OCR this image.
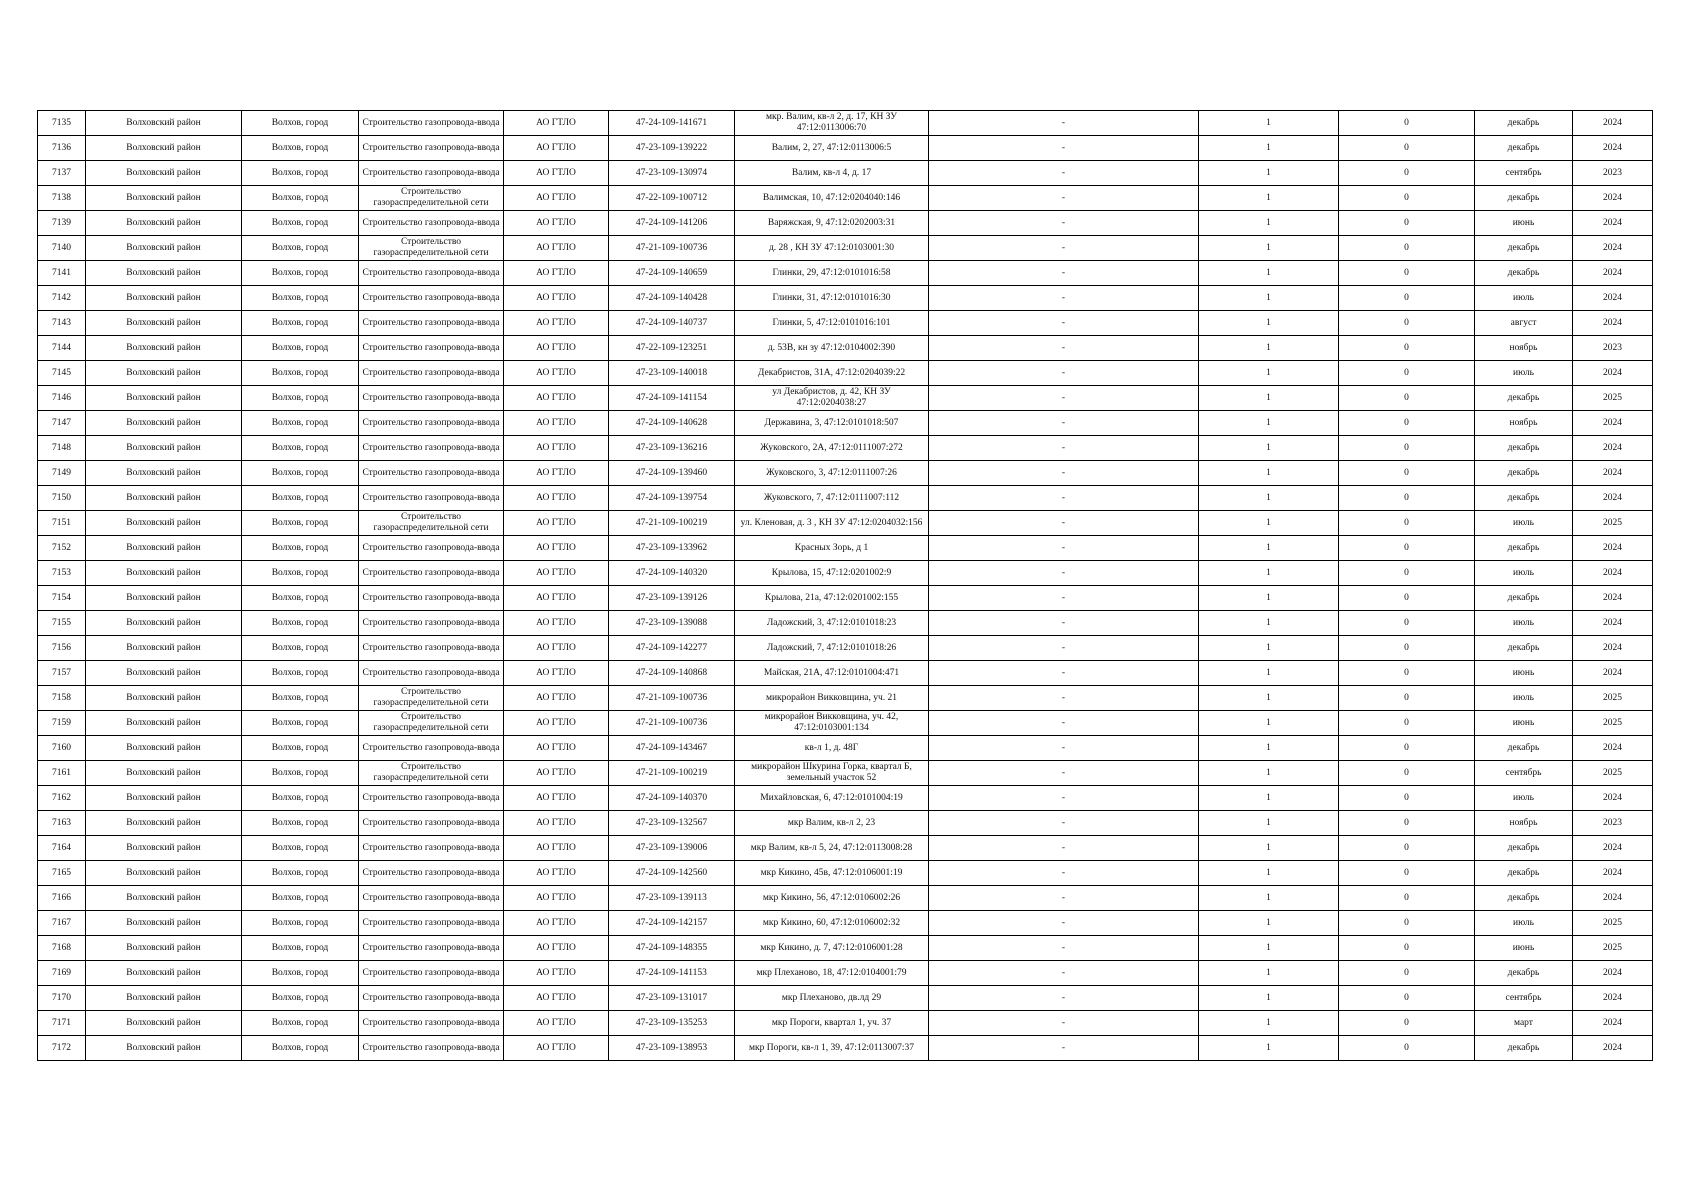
7135	Волховский район	Волхов, город	Строительство газопровода-ввода	АО ГТЛО	47-24-109-141671	мкр. Валим, кв-л 2, д. 17, КН ЗУ 47:12:0113006:70	-	1	0	декабрь	2024
7136	Волховский район	Волхов, город	Строительство газопровода-ввода	АО ГТЛО	47-23-109-139222	Валим, 2, 27, 47:12:0113006:5	-	1	0	декабрь	2024
7137	Волховский район	Волхов, город	Строительство газопровода-ввода	АО ГТЛО	47-23-109-130974	Валим, кв-л 4, д. 17	-	1	0	сентябрь	2023
7138	Волховский район	Волхов, город	Строительство газораспределительной сети	АО ГТЛО	47-22-109-100712	Валимская, 10, 47:12:0204040:146	-	1	0	декабрь	2024
7139	Волховский район	Волхов, город	Строительство газопровода-ввода	АО ГТЛО	47-24-109-141206	Варяжская, 9, 47:12:0202003:31	-	1	0	июнь	2024
7140	Волховский район	Волхов, город	Строительство газораспределительной сети	АО ГТЛО	47-21-109-100736	д. 28 , КН ЗУ 47:12:0103001:30	-	1	0	декабрь	2024
7141	Волховский район	Волхов, город	Строительство газопровода-ввода	АО ГТЛО	47-24-109-140659	Глинки, 29, 47:12:0101016:58	-	1	0	декабрь	2024
7142	Волховский район	Волхов, город	Строительство газопровода-ввода	АО ГТЛО	47-24-109-140428	Глинки, 31, 47:12:0101016:30	-	1	0	июль	2024
7143	Волховский район	Волхов, город	Строительство газопровода-ввода	АО ГТЛО	47-24-109-140737	Глинки, 5, 47:12:0101016:101	-	1	0	август	2024
7144	Волховский район	Волхов, город	Строительство газопровода-ввода	АО ГТЛО	47-22-109-123251	д. 53В, кн зу 47:12:0104002:390	-	1	0	ноябрь	2023
7145	Волховский район	Волхов, город	Строительство газопровода-ввода	АО ГТЛО	47-23-109-140018	Декабристов, 31А, 47:12:0204039:22	-	1	0	июль	2024
7146	Волховский район	Волхов, город	Строительство газопровода-ввода	АО ГТЛО	47-24-109-141154	ул Декабристов, д. 42, КН ЗУ 47:12:0204038:27	-	1	0	декабрь	2025
7147	Волховский район	Волхов, город	Строительство газопровода-ввода	АО ГТЛО	47-24-109-140628	Державина, 3, 47:12:0101018:507	-	1	0	ноябрь	2024
7148	Волховский район	Волхов, город	Строительство газопровода-ввода	АО ГТЛО	47-23-109-136216	Жуковского, 2А, 47:12:0111007:272	-	1	0	декабрь	2024
7149	Волховский район	Волхов, город	Строительство газопровода-ввода	АО ГТЛО	47-24-109-139460	Жуковского, 3, 47:12:0111007:26	-	1	0	декабрь	2024
7150	Волховский район	Волхов, город	Строительство газопровода-ввода	АО ГТЛО	47-24-109-139754	Жуковского, 7, 47:12:0111007:112	-	1	0	декабрь	2024
7151	Волховский район	Волхов, город	Строительство газораспределительной сети	АО ГТЛО	47-21-109-100219	ул. Кленовая, д. 3 , КН ЗУ 47:12:0204032:156	-	1	0	июль	2025
7152	Волховский район	Волхов, город	Строительство газопровода-ввода	АО ГТЛО	47-23-109-133962	Красных Зорь, д 1	-	1	0	декабрь	2024
7153	Волховский район	Волхов, город	Строительство газопровода-ввода	АО ГТЛО	47-24-109-140320	Крылова, 15, 47:12:0201002:9	-	1	0	июль	2024
7154	Волховский район	Волхов, город	Строительство газопровода-ввода	АО ГТЛО	47-23-109-139126	Крылова, 21а, 47:12:0201002:155	-	1	0	декабрь	2024
7155	Волховский район	Волхов, город	Строительство газопровода-ввода	АО ГТЛО	47-23-109-139088	Ладожский, 3, 47:12:0101018:23	-	1	0	июль	2024
7156	Волховский район	Волхов, город	Строительство газопровода-ввода	АО ГТЛО	47-24-109-142277	Ладожский, 7, 47:12:0101018:26	-	1	0	декабрь	2024
7157	Волховский район	Волхов, город	Строительство газопровода-ввода	АО ГТЛО	47-24-109-140868	Майская, 21А, 47:12:0101004:471	-	1	0	июнь	2024
7158	Волховский район	Волхов, город	Строительство газораспределительной сети	АО ГТЛО	47-21-109-100736	микрорайон Викковщина, уч. 21	-	1	0	июль	2025
7159	Волховский район	Волхов, город	Строительство газораспределительной сети	АО ГТЛО	47-21-109-100736	микрорайон Викковщина, уч. 42, 47:12:0103001:134	-	1	0	июнь	2025
7160	Волховский район	Волхов, город	Строительство газопровода-ввода	АО ГТЛО	47-24-109-143467	кв-л 1, д. 48Г	-	1	0	декабрь	2024
7161	Волховский район	Волхов, город	Строительство газораспределительной сети	АО ГТЛО	47-21-109-100219	микрорайон Шкурина Горка, квартал Б, земельный участок 52	-	1	0	сентябрь	2025
7162	Волховский район	Волхов, город	Строительство газопровода-ввода	АО ГТЛО	47-24-109-140370	Михайловская, 6, 47:12:0101004:19	-	1	0	июль	2024
7163	Волховский район	Волхов, город	Строительство газопровода-ввода	АО ГТЛО	47-23-109-132567	мкр Валим, кв-л 2, 23	-	1	0	ноябрь	2023
7164	Волховский район	Волхов, город	Строительство газопровода-ввода	АО ГТЛО	47-23-109-139006	мкр Валим, кв-л 5, 24, 47:12:0113008:28	-	1	0	декабрь	2024
7165	Волховский район	Волхов, город	Строительство газопровода-ввода	АО ГТЛО	47-24-109-142560	мкр Кикино, 45в, 47:12:0106001:19	-	1	0	декабрь	2024
7166	Волховский район	Волхов, город	Строительство газопровода-ввода	АО ГТЛО	47-23-109-139113	мкр Кикино, 56, 47:12:0106002:26	-	1	0	декабрь	2024
7167	Волховский район	Волхов, город	Строительство газопровода-ввода	АО ГТЛО	47-24-109-142157	мкр Кикино, 60, 47:12:0106002:32	-	1	0	июль	2025
7168	Волховский район	Волхов, город	Строительство газопровода-ввода	АО ГТЛО	47-24-109-148355	мкр Кикино, д. 7, 47:12:0106001:28	-	1	0	июнь	2025
7169	Волховский район	Волхов, город	Строительство газопровода-ввода	АО ГТЛО	47-24-109-141153	мкр Плеханово, 18, 47:12:0104001:79	-	1	0	декабрь	2024
7170	Волховский район	Волхов, город	Строительство газопровода-ввода	АО ГТЛО	47-23-109-131017	мкр Плеханово, дв.лд 29	-	1	0	сентябрь	2024
7171	Волховский район	Волхов, город	Строительство газопровода-ввода	АО ГТЛО	47-23-109-135253	мкр Пороги, квартал 1, уч. 37	-	1	0	март	2024
7172	Волховский район	Волхов, город	Строительство газопровода-ввода	АО ГТЛО	47-23-109-138953	мкр Пороги, кв-л 1, 39, 47:12:0113007:37	-	1	0	декабрь	2024
